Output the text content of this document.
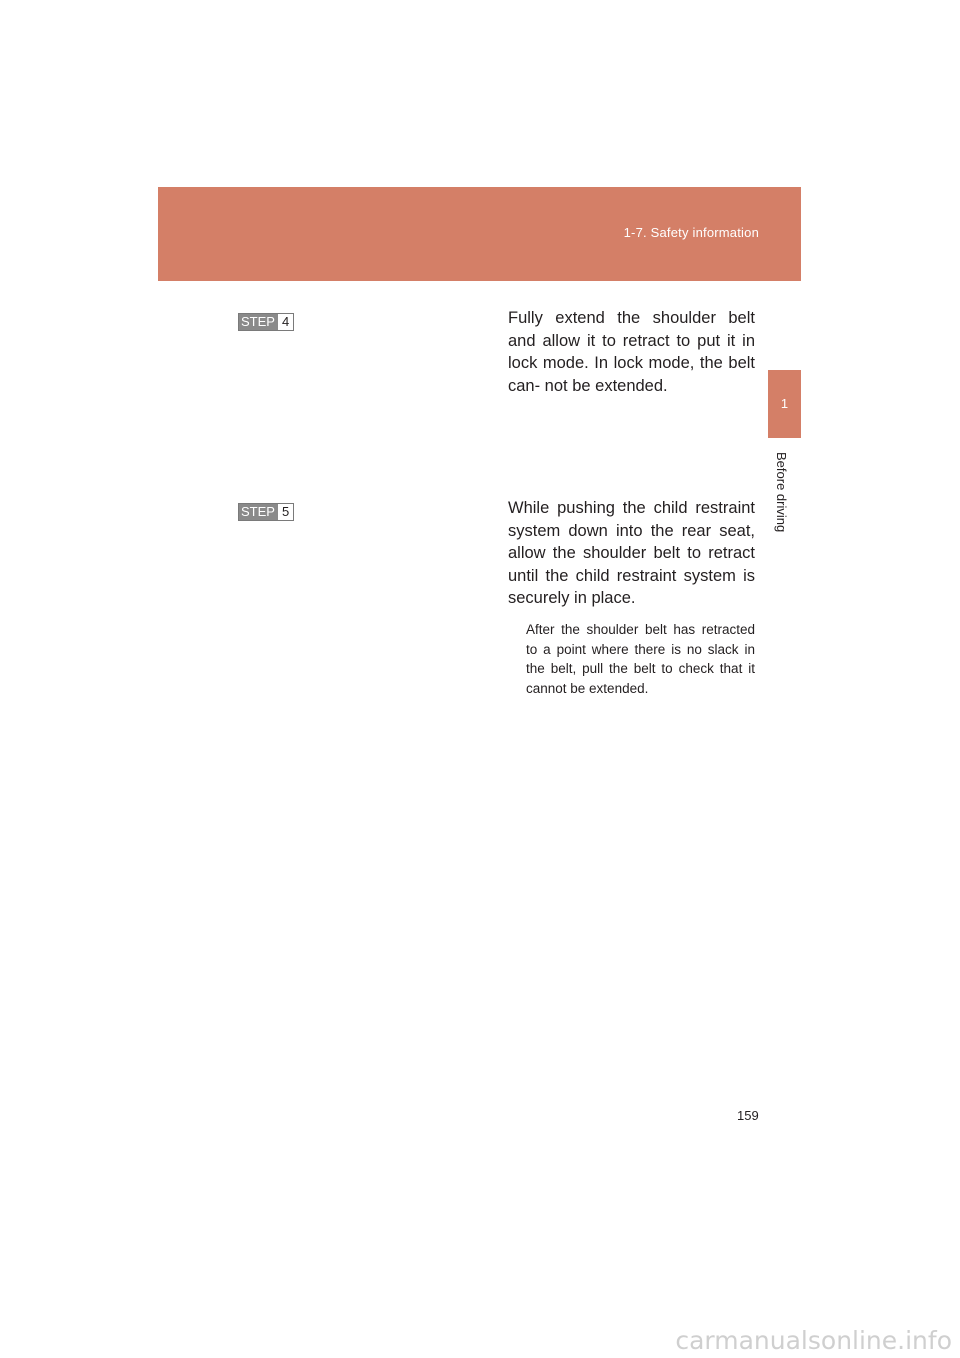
1-7. Safety information
1
Before driving
STEP 4	Fully extend the shoulder belt and allow it to retract to put it in lock mode. In lock mode, the belt can- not be extended.
STEP 5	While pushing the child restraint system down into the rear seat, allow the shoulder belt to retract until the child restraint system is securely in place.
After the shoulder belt has retracted to a point where there is no slack in the belt, pull the belt to check that it cannot be extended.
159
carmanualsonline.info
